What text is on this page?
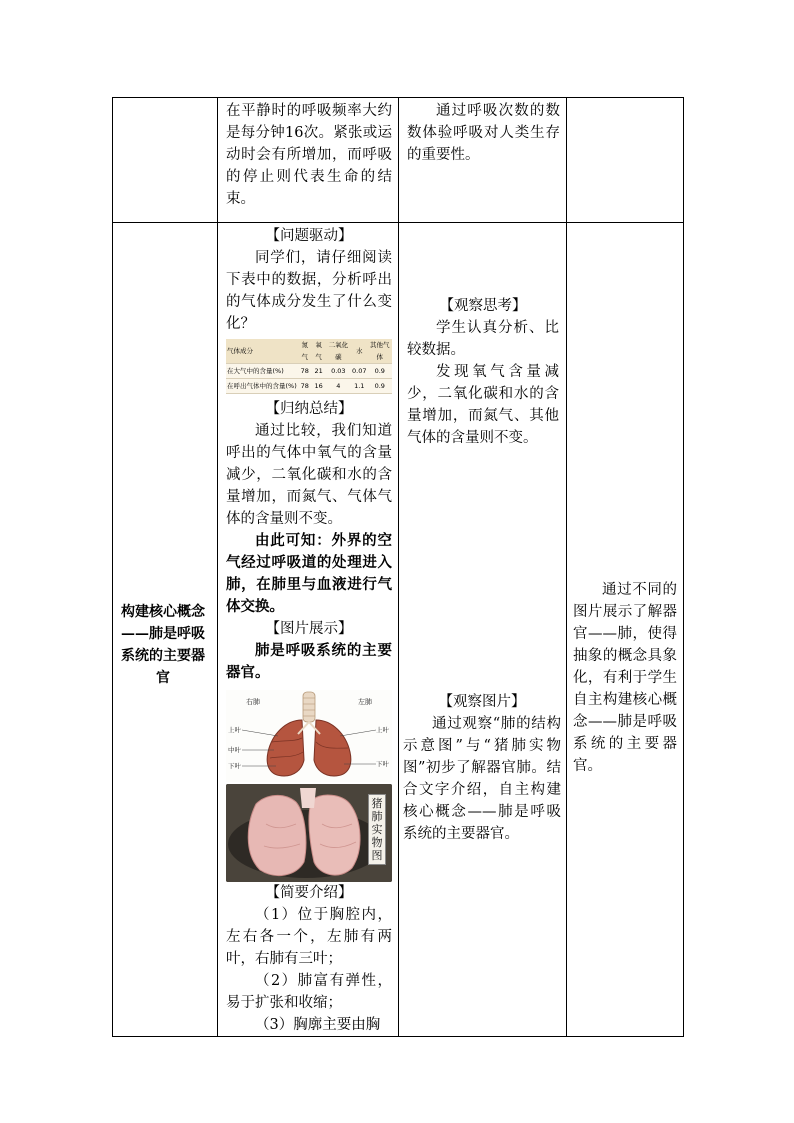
在平静时的呼吸频率大约是每分钟16次。紧张或运动时会有所增加，而呼吸的停止则代表生命的结束。

通过呼吸次数的数数体验呼吸对人类生存的重要性。

构建核心概念——肺是呼吸系统的主要器官

【问题驱动】

同学们，请仔细阅读下表中的数据，分析呼出的气体成分发生了什么变化？

气体成分	氮气	氧气	二氧化碳	水	其他气体
在大气中的含量(%)	78	21	0.03	0.07	0.9
在呼出气体中的含量(%)	78	16	4	1.1	0.9

【归纳总结】

通过比较，我们知道呼出的气体中氧气的含量减少，二氧化碳和水的含量增加，而氮气、气体气体的含量则不变。

由此可知：外界的空气经过呼吸道的处理进入肺，在肺里与血液进行气体交换。

【图片展示】

肺是呼吸系统的主要器官。

右肺	左肺
上叶
中叶
下叶
上叶
下叶
猪肺实物图

【简要介绍】

（1）位于胸腔内，左右各一个，左肺有两叶，右肺有三叶；

（2）肺富有弹性，易于扩张和收缩；

（3）胸廓主要由胸

【观察思考】

学生认真分析、比较数据。

发现氧气含量减少，二氧化碳和水的含量增加，而氮气、其他气体的含量则不变。

【观察图片】

通过观察“肺的结构示意图”与“猪肺实物图”初步了解器官肺。结合文字介绍，自主构建核心概念——肺是呼吸系统的主要器官。

通过不同的图片展示了解器官——肺，使得抽象的概念具象化，有利于学生自主构建核心概念——肺是呼吸系统的主要器官。
